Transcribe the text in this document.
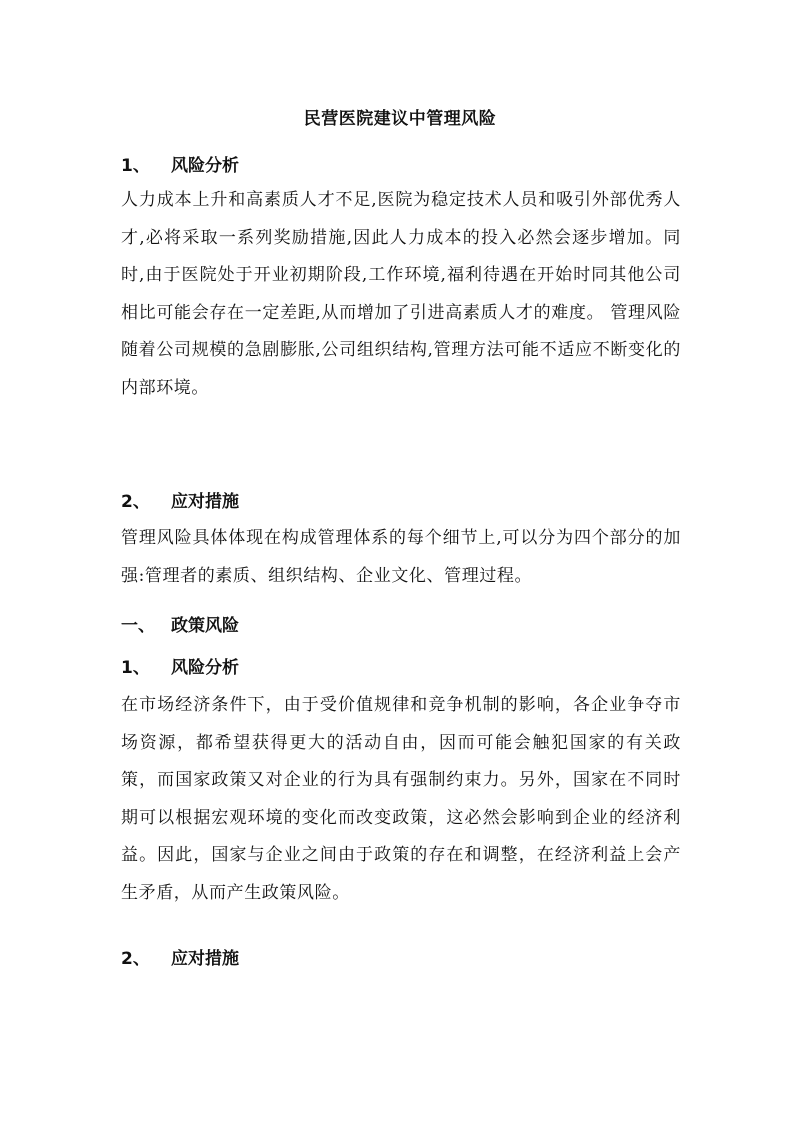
民营医院建议中管理风险
1、 风险分析
人力成本上升和高素质人才不足,医院为稳定技术人员和吸引外部优秀人才,必将采取一系列奖励措施,因此人力成本的投入必然会逐步增加。同时,由于医院处于开业初期阶段,工作环境,福利待遇在开始时同其他公司相比可能会存在一定差距,从而增加了引进高素质人才的难度。 管理风险 随着公司规模的急剧膨胀,公司组织结构,管理方法可能不适应不断变化的内部环境。
2、 应对措施
管理风险具体体现在构成管理体系的每个细节上,可以分为四个部分的加强:管理者的素质、组织结构、企业文化、管理过程。
一、 政策风险
1、 风险分析
在市场经济条件下，由于受价值规律和竞争机制的影响，各企业争夺市场资源，都希望获得更大的活动自由，因而可能会触犯国家的有关政策，而国家政策又对企业的行为具有强制约束力。另外，国家在不同时期可以根据宏观环境的变化而改变政策，这必然会影响到企业的经济利益。因此，国家与企业之间由于政策的存在和调整，在经济利益上会产生矛盾，从而产生政策风险。
2、 应对措施
